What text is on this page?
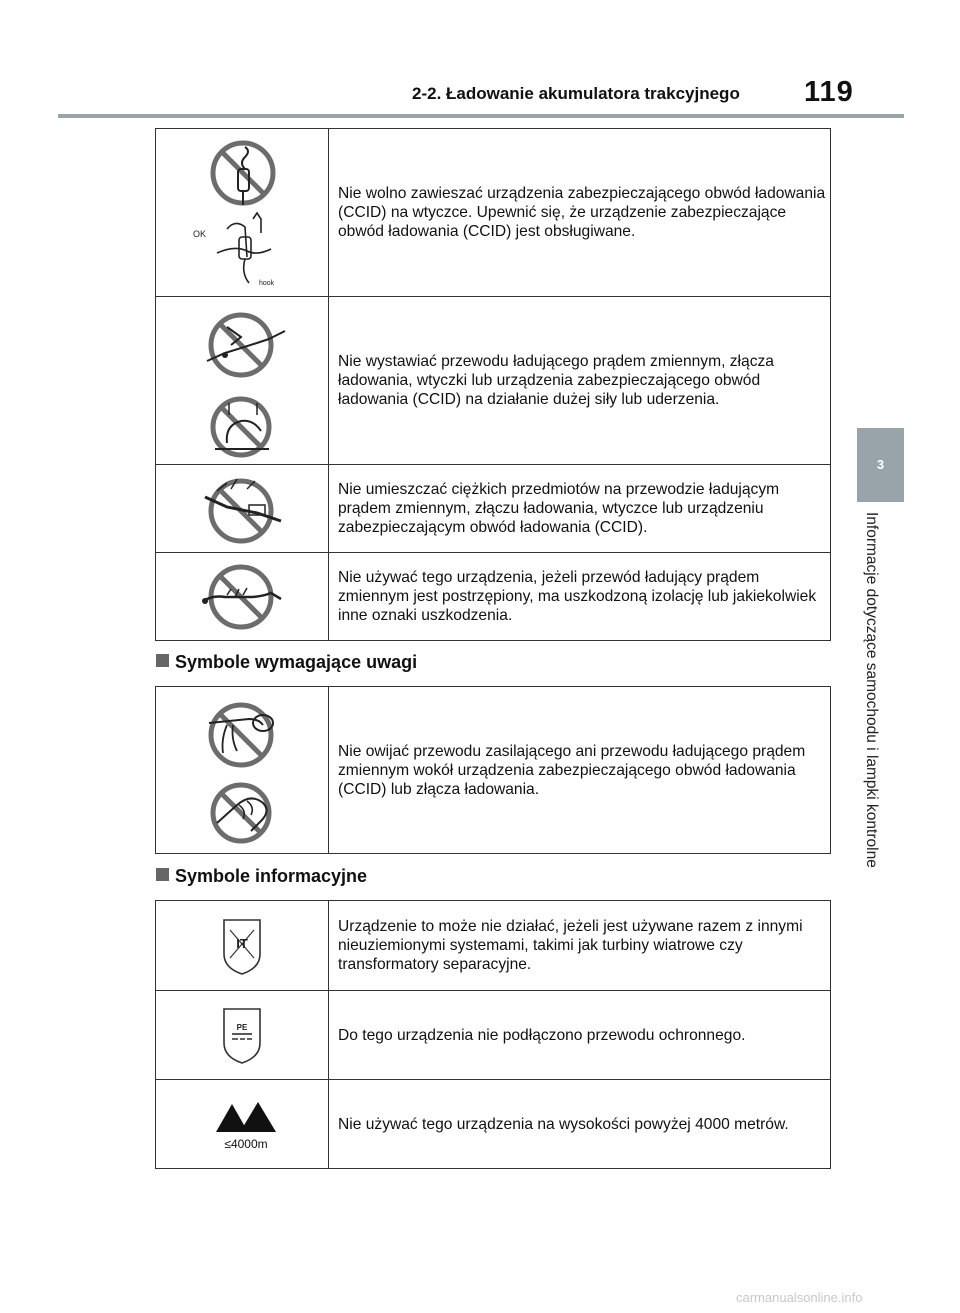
2-2. Ładowanie akumulatora trakcyjnego 119
3
Informacje dotyczące samochodu i lampki kontrolne
OK
hook	Nie wolno zawieszać urządzenia zabezpieczającego obwód ładowania (CCID) na wtyczce. Upewnić się, że urządzenie zabezpieczające obwód ładowania (CCID) jest obsługiwane.

	Nie wystawiać przewodu ładującego prądem zmiennym, złącza ładowania, wtyczki lub urządzenia zabezpieczającego obwód ładowania (CCID) na działanie dużej siły lub uderzenia.

	Nie umieszczać ciężkich przedmiotów na przewodzie ładującym prądem zmiennym, złączu ładowania, wtyczce lub urządzeniu zabezpieczającym obwód ładowania (CCID).

	Nie używać tego urządzenia, jeżeli przewód ładujący prądem zmiennym jest postrzępiony, ma uszkodzoną izolację lub jakiekolwiek inne oznaki uszkodzenia.
Symbole wymagające uwagi
	Nie owijać przewodu zasilającego ani przewodu ładującego prądem zmiennym wokół urządzenia zabezpieczającego obwód ładowania (CCID) lub złącza ładowania.
Symbole informacyjne
IT	Urządzenie to może nie działać, jeżeli jest używane razem z innymi nieuziemionymi systemami, takimi jak turbiny wiatrowe czy transformatory separacyjne.

PE	Do tego urządzenia nie podłączono przewodu ochronnego.

≤4000m	Nie używać tego urządzenia na wysokości powyżej 4000 metrów.
carmanualsonline.info
